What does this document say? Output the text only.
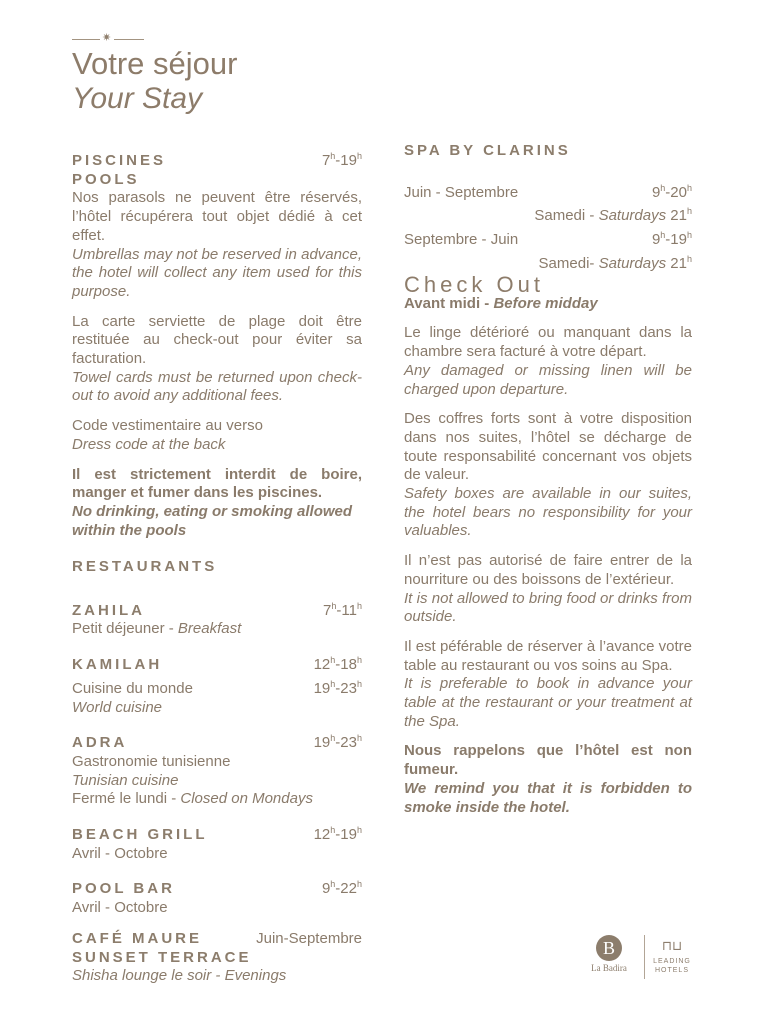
✷
Votre séjour
Your Stay
PISCINES	7$^h$-19$^h$
POOLS

Nos parasols ne peuvent être réservés, l’hôtel récupérera tout objet dédié à cet effet.

Umbrellas may not be reserved in advance, the hotel will collect any item used for this purpose.

La carte serviette de plage doit être restituée au check-out pour éviter sa facturation.

Towel cards must be returned upon check-out to avoid any additional fees.

Code vestimentaire au verso

Dress code at the back

Il est strictement interdit de boire, manger et fumer dans les piscines.

No drinking, eating or smoking allowed within the pools

RESTAURANTS
ZAHILA	7$^h$-11$^h$
Petit déjeuner - Breakfast
KAMILAH	12$^h$-18$^h$
Cuisine du monde	19$^h$-23$^h$
World cuisine
ADRA	19$^h$-23$^h$
Gastronomie tunisienne
Tunisian cuisine
Fermé le lundi - Closed on Mondays
BEACH GRILL	12$^h$-19$^h$
Avril - Octobre
POOL BAR	9$^h$-22$^h$
Avril - Octobre
CAFÉ MAURE	Juin-Septembre
SUNSET TERRACE
Shisha lounge le soir - Evenings
SPA BY CLARINS
Juin - Septembre	9$^h$-20$^h$
Samedi - Saturdays 21$^h$
Septembre - Juin	9$^h$-19$^h$
Samedi- Saturdays 21$^h$
Check Out
Avant midi - Before midday

Le linge détérioré ou manquant dans la chambre sera facturé à votre départ.

Any damaged or missing linen will be charged upon departure.

Des coffres forts sont à votre disposition dans nos suites, l’hôtel se décharge de toute responsabilité concernant vos objets de valeur.

Safety boxes are available in our suites, the hotel bears no responsibility for your valuables.

Il n’est pas autorisé de faire entrer de la nourriture ou des boissons de l’extérieur.

It is not allowed to bring food or drinks from outside.

Il est péférable de réserver à l’avance votre table au restaurant ou vos soins au Spa.

It is preferable to book in advance your table at the restaurant or your treatment at the Spa.

Nous rappelons que l’hôtel est non fumeur.

We remind you that it is forbidden to smoke inside the hotel.

B
La Badira
⊓⊔
LEADING
HOTELS
